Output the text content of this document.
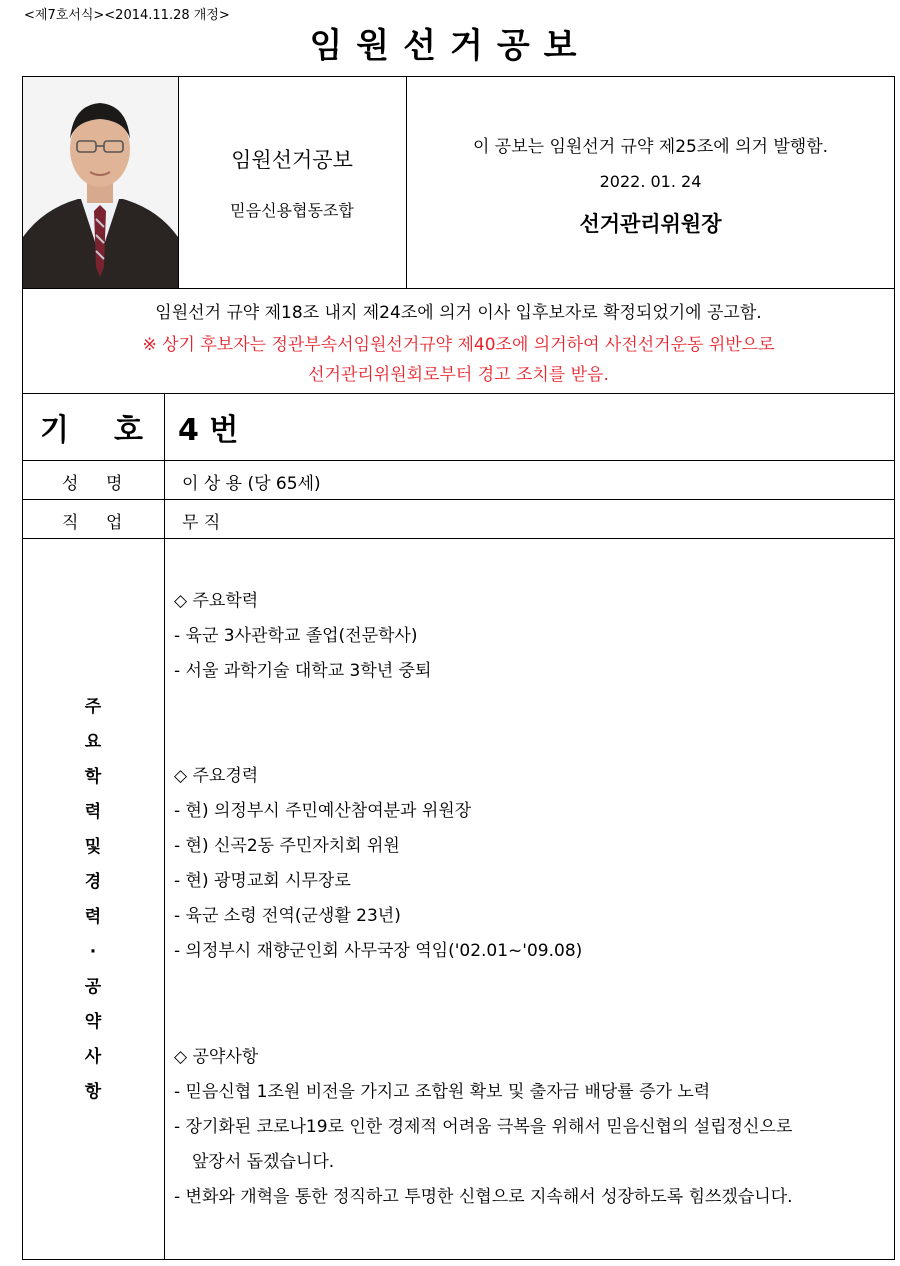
<제7호서식><2014.11.28 개정>
임원선거공보
임원선거공보
믿음신용협동조합
이 공보는 임원선거 규약 제25조에 의거 발행함.
2022. 01. 24
선거관리위원장
임원선거 규약 제18조 내지 제24조에 의거 이사 입후보자로 확정되었기에 공고함.
※ 상기 후보자는 정관부속서임원선거규약 제40조에 의거하여 사전선거운동 위반으로
선거관리위원회로부터 경고 조치를 받음.
기 호 4 번
성 명	이 상 용 (당 65세)
직 업	무 직
주
요
학
력
및
경
력
·
공
약
사
항
◇ 주요학력
- 육군 3사관학교 졸업(전문학사)
- 서울 과학기술 대학교 3학년 중퇴
◇ 주요경력
- 현) 의정부시 주민예산참여분과 위원장
- 현) 신곡2동 주민자치회 위원
- 현) 광명교회 시무장로
- 육군 소령 전역(군생활 23년)
- 의정부시 재향군인회 사무국장 역임('02.01~'09.08)
◇ 공약사항
- 믿음신협 1조원 비전을 가지고 조합원 확보 및 출자금 배당률 증가 노력
- 장기화된 코로나19로 인한 경제적 어려움 극복을 위해서 믿음신협의 설립정신으로
앞장서 돕겠습니다.
- 변화와 개혁을 통한 정직하고 투명한 신협으로 지속해서 성장하도록 힘쓰겠습니다.
